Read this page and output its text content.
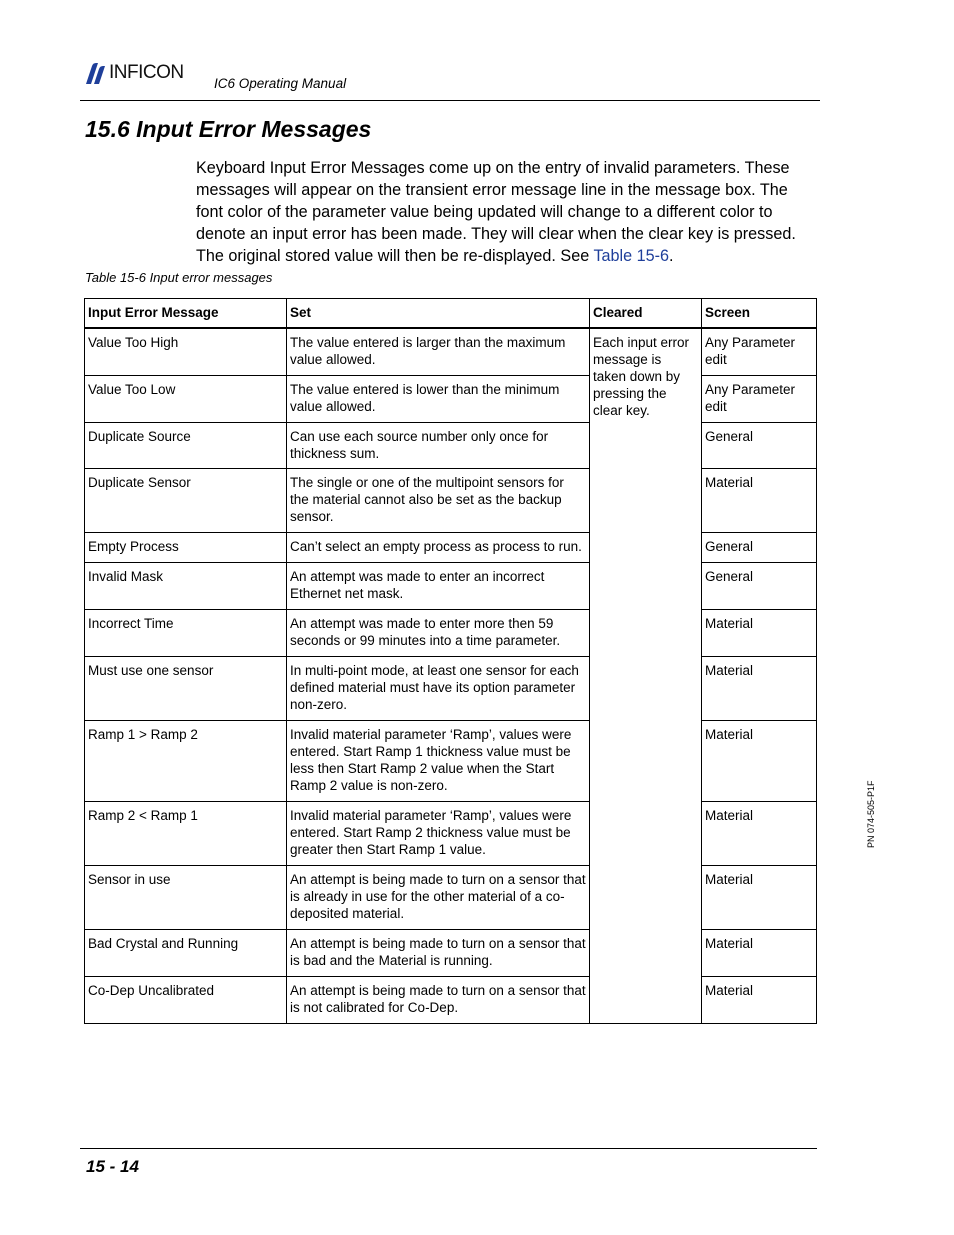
INFICON
IC6 Operating Manual
15.6 Input Error Messages

Keyboard Input Error Messages come up on the entry of invalid parameters. These messages will appear on the transient error message line in the message box. The font color of the parameter value being updated will change to a different color to denote an input error has been made. They will clear when the clear key is pressed. The original stored value will then be re-displayed. See Table 15-6.

Table 15-6 Input error messages
Input Error Message	Set	Cleared	Screen
Value Too High	The value entered is larger than the maximum value allowed.	Each input error message is taken down by pressing the clear key.	Any Parameter edit
Value Too Low	The value entered is lower than the minimum value allowed.		Any Parameter edit
Duplicate Source	Can use each source number only once for thickness sum.		General
Duplicate Sensor	The single or one of the multipoint sensors for the material cannot also be set as the backup sensor.		Material
Empty Process	Can’t select an empty process as process to run.		General
Invalid Mask	An attempt was made to enter an incorrect Ethernet net mask.		General
Incorrect Time	An attempt was made to enter more then 59 seconds or 99 minutes into a time parameter.		Material
Must use one sensor	In multi-point mode, at least one sensor for each defined material must have its option parameter non-zero.		Material
Ramp 1 > Ramp 2	Invalid material parameter ‘Ramp’, values were entered. Start Ramp 1 thickness value must be less then Start Ramp 2 value when the Start Ramp 2 value is non-zero.		Material
Ramp 2 < Ramp 1	Invalid material parameter ‘Ramp’, values were entered. Start Ramp 2 thickness value must be greater then Start Ramp 1 value.		Material
Sensor in use	An attempt is being made to turn on a sensor that is already in use for the other material of a co-deposited material.		Material
Bad Crystal and Running	An attempt is being made to turn on a sensor that is bad and the Material is running.		Material
Co-Dep Uncalibrated	An attempt is being made to turn on a sensor that is not calibrated for Co-Dep.		Material
PN 074-505-P1F
15 - 14
